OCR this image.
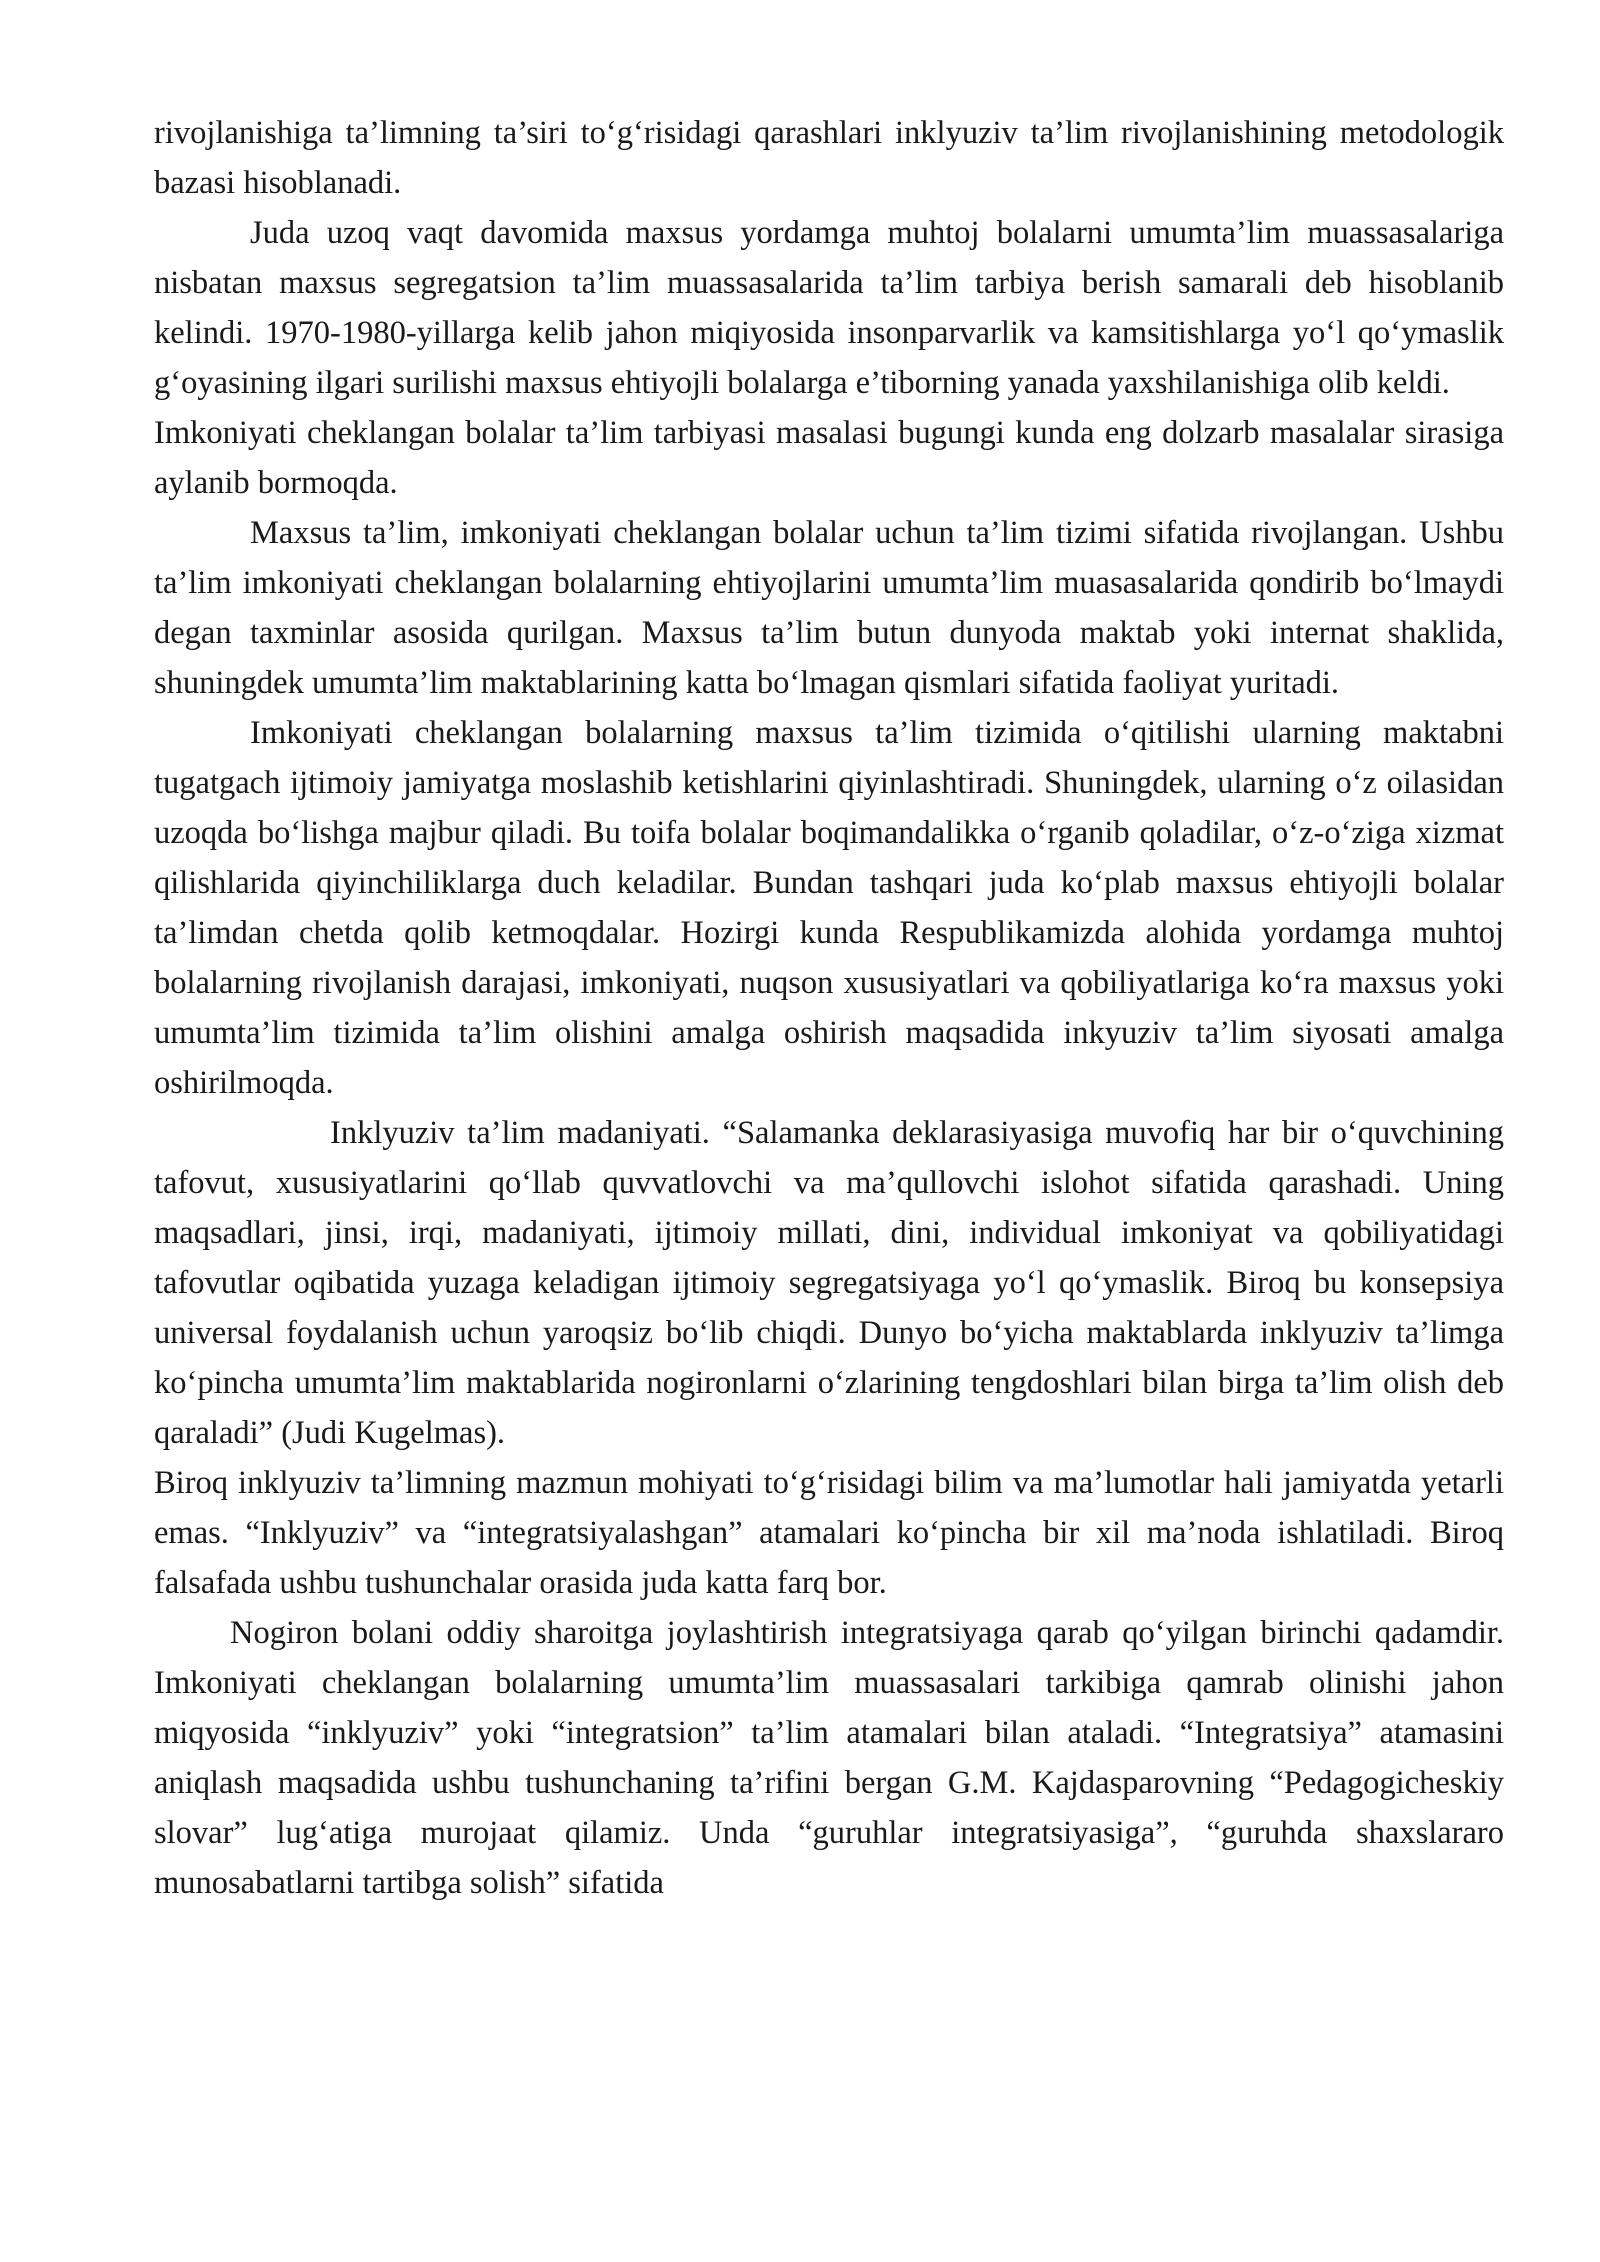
rivojlanishiga ta’limning ta’siri to‘g‘risidagi qarashlari inklyuziv ta’lim rivojlanishining metodologik bazasi hisoblanadi.

Juda uzoq vaqt davomida maxsus yordamga muhtoj bolalarni umumta’lim muassasalariga nisbatan maxsus segregatsion ta’lim muassasalarida ta’lim tarbiya berish samarali deb hisoblanib kelindi. 1970-1980-yillarga kelib jahon miqiyosida insonparvarlik va kamsitishlarga yo‘l qo‘ymaslik g‘oyasining ilgari surilishi maxsus ehtiyojli bolalarga e’tiborning yanada yaxshilanishiga olib keldi.

Imkoniyati cheklangan bolalar ta’lim tarbiyasi masalasi bugungi kunda eng dolzarb masalalar sirasiga aylanib bormoqda.

Maxsus ta’lim, imkoniyati cheklangan bolalar uchun ta’lim tizimi sifatida rivojlangan. Ushbu ta’lim imkoniyati cheklangan bolalarning ehtiyojlarini umumta’lim muasasalarida qondirib bo‘lmaydi degan taxminlar asosida qurilgan. Maxsus ta’lim butun dunyoda maktab yoki internat shaklida, shuningdek umumta’lim maktablarining katta bo‘lmagan qismlari sifatida faoliyat yuritadi.

Imkoniyati cheklangan bolalarning maxsus ta’lim tizimida o‘qitilishi ularning maktabni tugatgach ijtimoiy jamiyatga moslashib ketishlarini qiyinlashtiradi. Shuningdek, ularning o‘z oilasidan uzoqda bo‘lishga majbur qiladi. Bu toifa bolalar boqimandalikka o‘rganib qoladilar, o‘z-o‘ziga xizmat qilishlarida qiyinchiliklarga duch keladilar. Bundan tashqari juda ko‘plab maxsus ehtiyojli bolalar ta’limdan chetda qolib ketmoqdalar. Hozirgi kunda Respublikamizda alohida yordamga muhtoj bolalarning rivojlanish darajasi, imkoniyati, nuqson xususiyatlari va qobiliyatlariga ko‘ra maxsus yoki umumta’lim tizimida ta’lim olishini amalga oshirish maqsadida inkyuziv ta’lim siyosati amalga oshirilmoqda.

Inklyuziv ta’lim madaniyati. “Salamanka deklarasiyasiga muvofiq har bir o‘quvchining tafovut, xususiyatlarini qo‘llab quvvatlovchi va ma’qullovchi islohot sifatida qarashadi. Uning maqsadlari, jinsi, irqi, madaniyati, ijtimoiy millati, dini, individual imkoniyat va qobiliyatidagi tafovutlar oqibatida yuzaga keladigan ijtimoiy segregatsiyaga yo‘l qo‘ymaslik. Biroq bu konsepsiya universal foydalanish uchun yaroqsiz bo‘lib chiqdi. Dunyo bo‘yicha maktablarda inklyuziv ta’limga ko‘pincha umumta’lim maktablarida nogironlarni o‘zlarining tengdoshlari bilan birga ta’lim olish deb qaraladi” (Judi Kugelmas).

Biroq inklyuziv ta’limning mazmun mohiyati to‘g‘risidagi bilim va ma’lumotlar hali jamiyatda yetarli emas. “Inklyuziv” va “integratsiyalashgan” atamalari ko‘pincha bir xil ma’noda ishlatiladi. Biroq falsafada ushbu tushunchalar orasida juda katta farq bor.

Nogiron bolani oddiy sharoitga joylashtirish integratsiyaga qarab qo‘yilgan birinchi qadamdir. Imkoniyati cheklangan bolalarning umumta’lim muassasalari tarkibiga qamrab olinishi jahon miqyosida “inklyuziv” yoki “integratsion” ta’lim atamalari bilan ataladi. “Integratsiya” atamasini aniqlash maqsadida ushbu tushunchaning ta’rifini bergan G.M. Kajdasparovning “Pedagogicheskiy slovar” lug‘atiga murojaat qilamiz. Unda “guruhlar integratsiyasiga”, “guruhda shaxslararo munosabatlarni tartibga solish” sifatida
